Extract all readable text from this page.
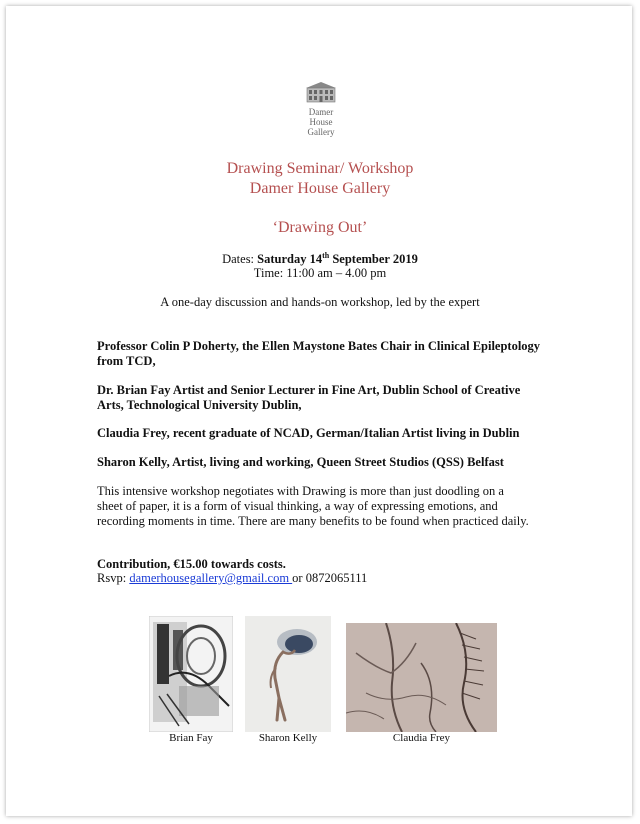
Damer
House
Gallery
Drawing Seminar/ Workshop
Damer House Gallery
‘Drawing Out’
Dates: Saturday 14th September 2019
Time: 11:00 am – 4.00 pm
A one-day discussion and hands-on workshop, led by the expert
Professor Colin P Doherty, the Ellen Maystone Bates Chair in Clinical Epileptology from TCD,
Dr. Brian Fay Artist and Senior Lecturer in Fine Art, Dublin School of Creative Arts, Technological University Dublin,
Claudia Frey, recent graduate of NCAD, German/Italian Artist living in Dublin
Sharon Kelly, Artist, living and working, Queen Street Studios (QSS) Belfast
This intensive workshop negotiates with Drawing is more than just doodling on a sheet of paper, it is a form of visual thinking, a way of expressing emotions, and recording moments in time. There are many benefits to be found when practiced daily.
Contribution, €15.00 towards costs.
Rsvp: damerhousegallery@gmail.com or 0872065111
Brian Fay	Sharon Kelly	Claudia Frey
